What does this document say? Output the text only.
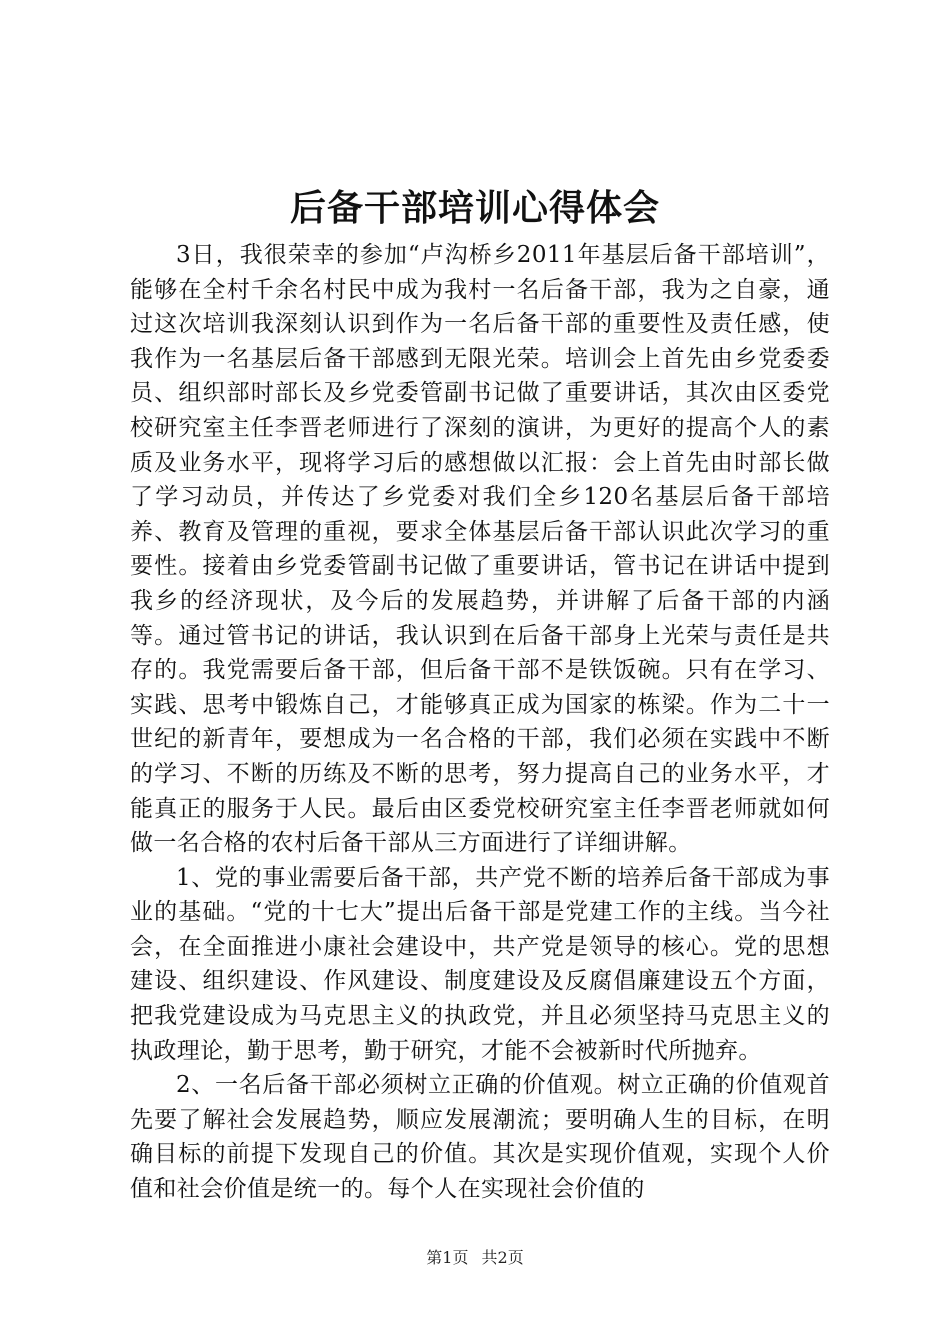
后备干部培训心得体会

3日，我很荣幸的参加“卢沟桥乡2011年基层后备干部培训”，能够在全村千余名村民中成为我村一名后备干部，我为之自豪，通过这次培训我深刻认识到作为一名后备干部的重要性及责任感，使我作为一名基层后备干部感到无限光荣。培训会上首先由乡党委委员、组织部时部长及乡党委管副书记做了重要讲话，其次由区委党校研究室主任李晋老师进行了深刻的演讲，为更好的提高个人的素质及业务水平，现将学习后的感想做以汇报：会上首先由时部长做了学习动员，并传达了乡党委对我们全乡120名基层后备干部培养、教育及管理的重视，要求全体基层后备干部认识此次学习的重要性。接着由乡党委管副书记做了重要讲话，管书记在讲话中提到我乡的经济现状，及今后的发展趋势，并讲解了后备干部的内涵等。通过管书记的讲话，我认识到在后备干部身上光荣与责任是共存的。我党需要后备干部，但后备干部不是铁饭碗。只有在学习、实践、思考中锻炼自己，才能够真正成为国家的栋梁。作为二十一世纪的新青年，要想成为一名合格的干部，我们必须在实践中不断的学习、不断的历练及不断的思考，努力提高自己的业务水平，才能真正的服务于人民。最后由区委党校研究室主任李晋老师就如何做一名合格的农村后备干部从三方面进行了详细讲解。

1、党的事业需要后备干部，共产党不断的培养后备干部成为事业的基础。“党的十七大”提出后备干部是党建工作的主线。当今社会，在全面推进小康社会建设中，共产党是领导的核心。党的思想建设、组织建设、作风建设、制度建设及反腐倡廉建设五个方面，把我党建设成为马克思主义的执政党，并且必须坚持马克思主义的执政理论，勤于思考，勤于研究，才能不会被新时代所抛弃。

2、一名后备干部必须树立正确的价值观。树立正确的价值观首先要了解社会发展趋势，顺应发展潮流；要明确人生的目标，在明确目标的前提下发现自己的价值。其次是实现价值观，实现个人价值和社会价值是统一的。每个人在实现社会价值的

第1页 共2页
